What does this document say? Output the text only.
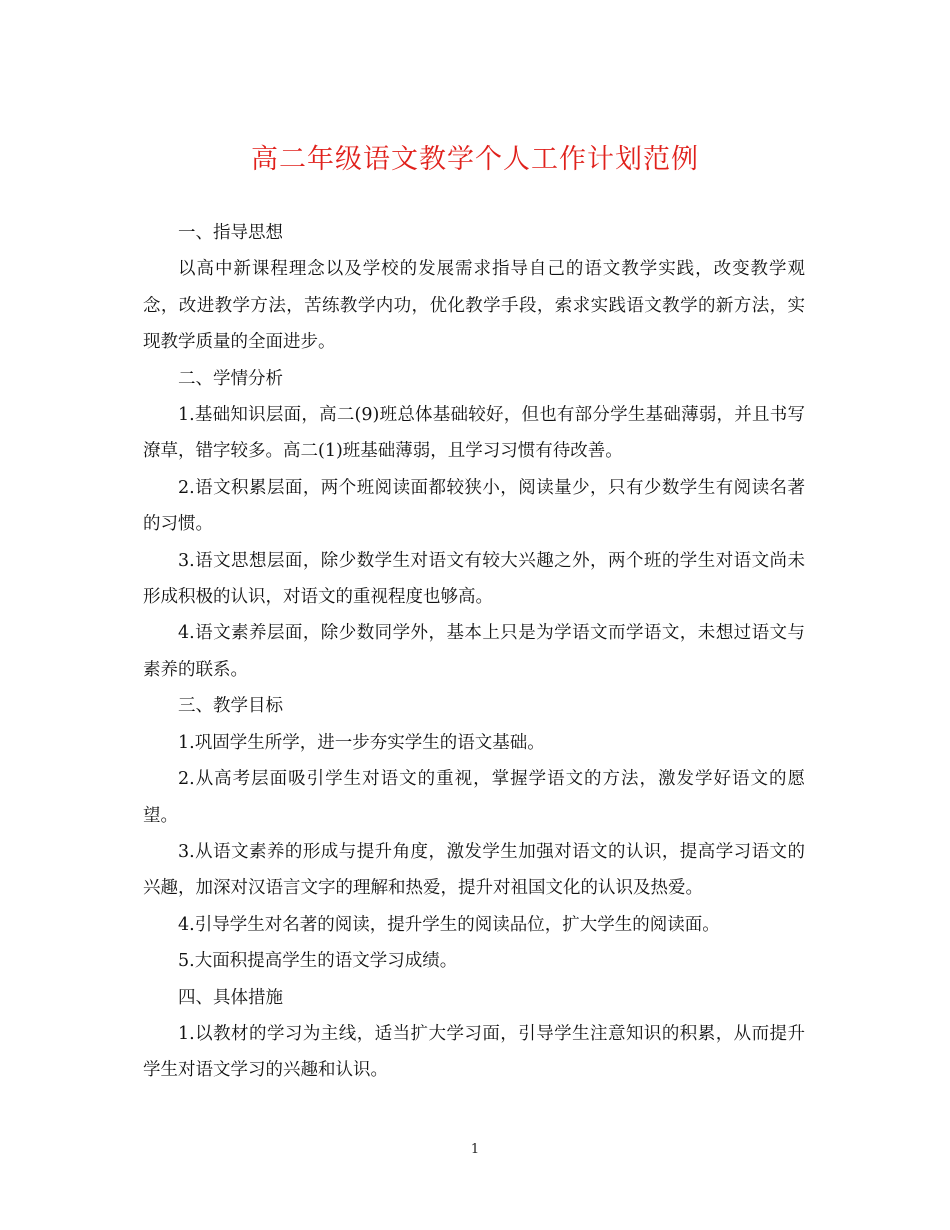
高二年级语文教学个人工作计划范例

一、指导思想

以高中新课程理念以及学校的发展需求指导自己的语文教学实践，改变教学观念，改进教学方法，苦练教学内功，优化教学手段，索求实践语文教学的新方法，实现教学质量的全面进步。

二、学情分析

1.基础知识层面，高二(9)班总体基础较好，但也有部分学生基础薄弱，并且书写潦草，错字较多。高二(1)班基础薄弱，且学习习惯有待改善。

2.语文积累层面，两个班阅读面都较狭小，阅读量少，只有少数学生有阅读名著的习惯。

3.语文思想层面，除少数学生对语文有较大兴趣之外，两个班的学生对语文尚未形成积极的认识，对语文的重视程度也够高。

4.语文素养层面，除少数同学外，基本上只是为学语文而学语文，未想过语文与素养的联系。

三、教学目标

1.巩固学生所学，进一步夯实学生的语文基础。

2.从高考层面吸引学生对语文的重视，掌握学语文的方法，激发学好语文的愿望。

3.从语文素养的形成与提升角度，激发学生加强对语文的认识，提高学习语文的兴趣，加深对汉语言文字的理解和热爱，提升对祖国文化的认识及热爱。

4.引导学生对名著的阅读，提升学生的阅读品位，扩大学生的阅读面。

5.大面积提高学生的语文学习成绩。

四、具体措施

1.以教材的学习为主线，适当扩大学习面，引导学生注意知识的积累，从而提升学生对语文学习的兴趣和认识。

1
